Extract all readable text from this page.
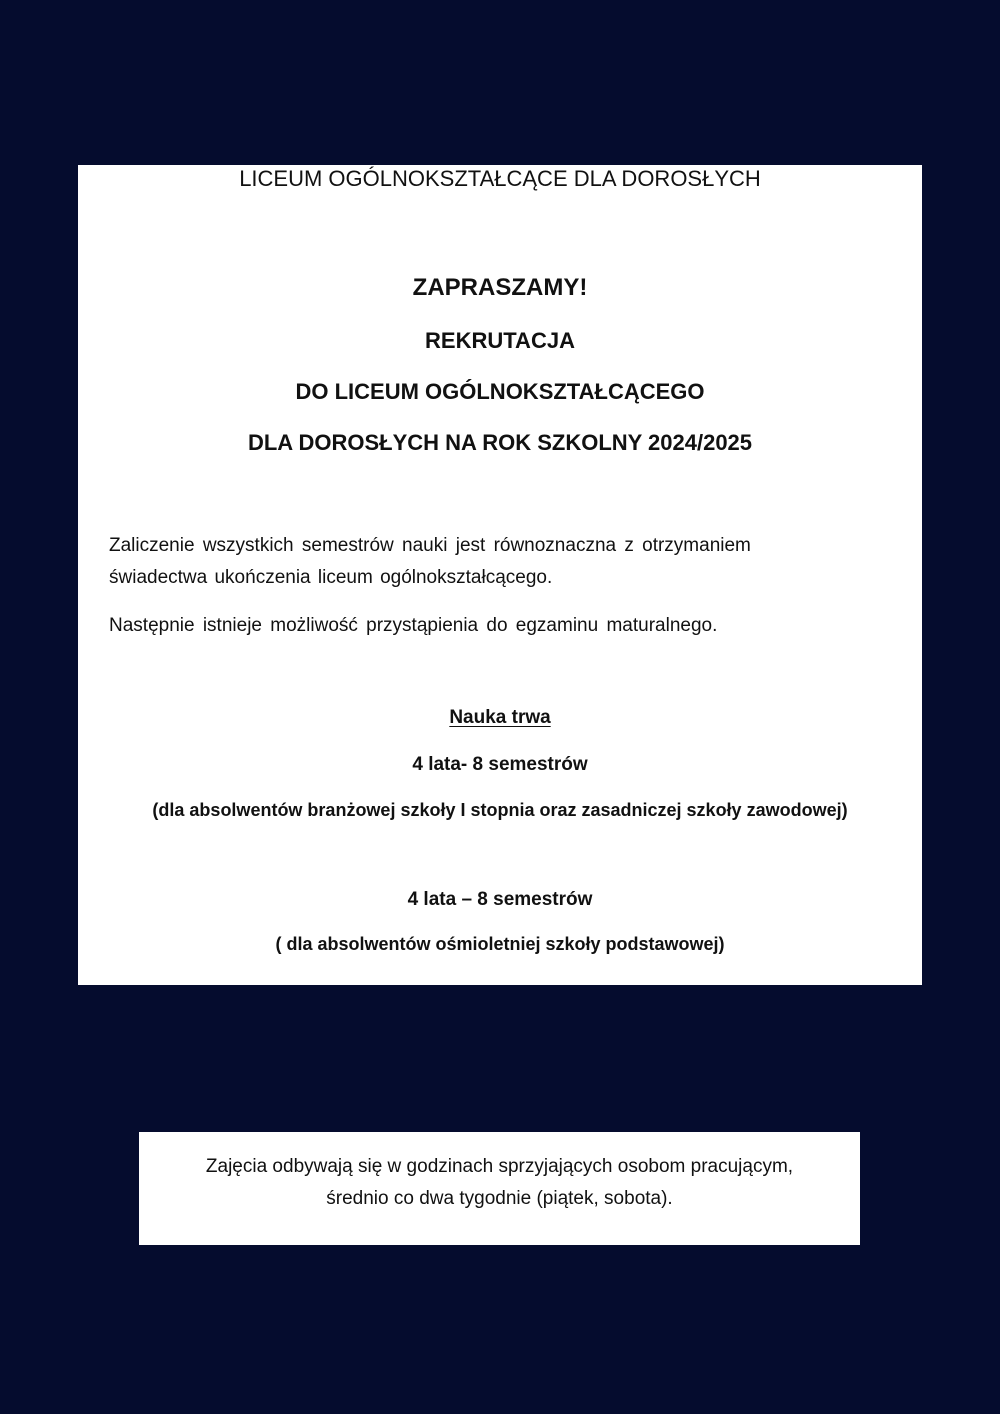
LICEUM OGÓLNOKSZTAŁCĄCE DLA DOROSŁYCH
ZAPRASZAMY!
REKRUTACJA
DO LICEUM OGÓLNOKSZTAŁCĄCEGO
DLA DOROSŁYCH NA ROK SZKOLNY 2024/2025
Zaliczenie wszystkich semestrów nauki jest równoznaczna z otrzymaniem
świadectwa ukończenia liceum ogólnokształcącego.
Następnie istnieje możliwość przystąpienia do egzaminu maturalnego.
Nauka trwa
4 lata- 8 semestrów
(dla absolwentów branżowej szkoły I stopnia oraz zasadniczej szkoły zawodowej)
4 lata – 8 semestrów
( dla absolwentów ośmioletniej szkoły podstawowej)
Zajęcia odbywają się w godzinach sprzyjających osobom pracującym,
średnio co dwa tygodnie (piątek, sobota).
